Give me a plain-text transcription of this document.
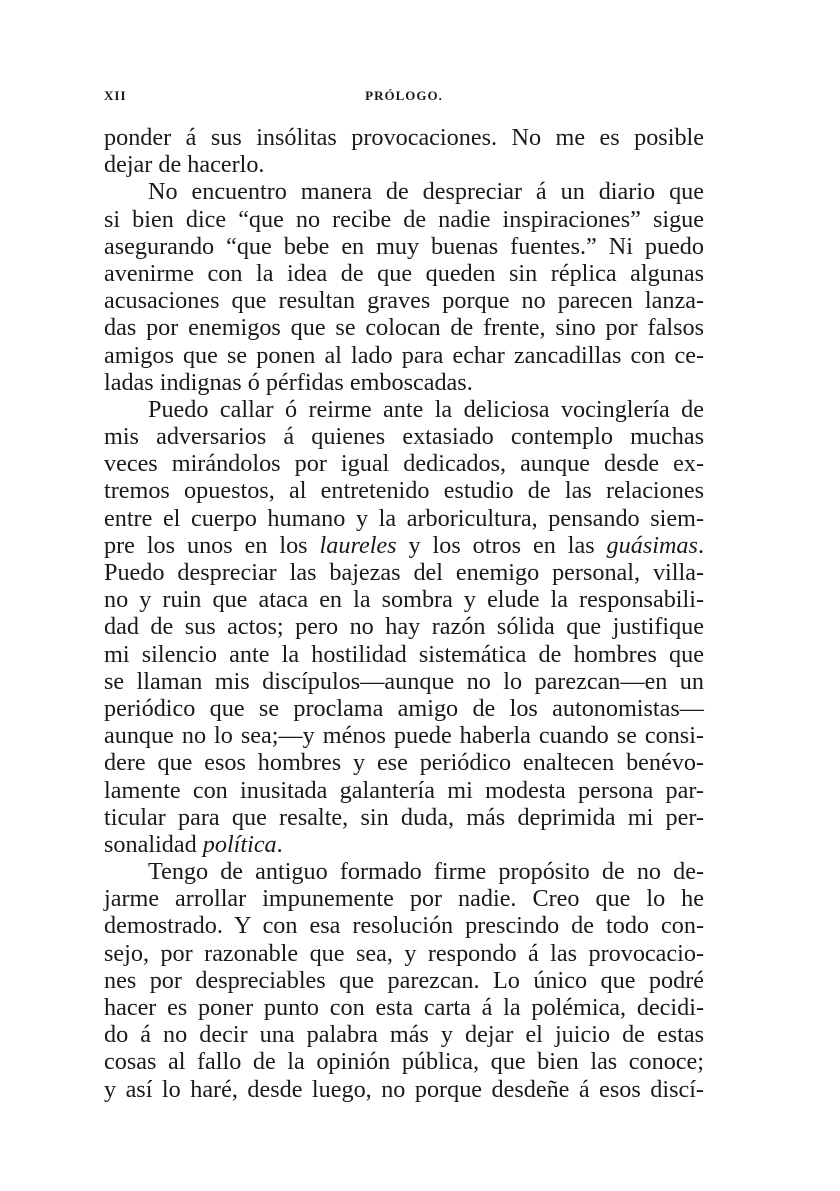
XII	PRÓLOGO.
ponder á sus insólitas provocaciones. No me es posible
dejar de hacerlo.
No encuentro manera de despreciar á un diario que
si bien dice “que no recibe de nadie inspiraciones” sigue
asegurando “que bebe en muy buenas fuentes.” Ni puedo
avenirme con la idea de que queden sin réplica algunas
acusaciones que resultan graves porque no parecen lanza-
das por enemigos que se colocan de frente, sino por falsos
amigos que se ponen al lado para echar zancadillas con ce-
ladas indignas ó pérfidas emboscadas.
Puedo callar ó reirme ante la deliciosa vocinglería de
mis adversarios á quienes extasiado contemplo muchas
veces mirándolos por igual dedicados, aunque desde ex-
tremos opuestos, al entretenido estudio de las relaciones
entre el cuerpo humano y la arboricultura, pensando siem-
pre los unos en los laureles y los otros en las guásimas.
Puedo despreciar las bajezas del enemigo personal, villa-
no y ruin que ataca en la sombra y elude la responsabili-
dad de sus actos; pero no hay razón sólida que justifique
mi silencio ante la hostilidad sistemática de hombres que
se llaman mis discípulos—aunque no lo parezcan—en un
periódico que se proclama amigo de los autonomistas—
aunque no lo sea;—y ménos puede haberla cuando se consi-
dere que esos hombres y ese periódico enaltecen benévo-
lamente con inusitada galantería mi modesta persona par-
ticular para que resalte, sin duda, más deprimida mi per-
sonalidad política.
Tengo de antiguo formado firme propósito de no de-
jarme arrollar impunemente por nadie. Creo que lo he
demostrado. Y con esa resolución prescindo de todo con-
sejo, por razonable que sea, y respondo á las provocacio-
nes por despreciables que parezcan. Lo único que podré
hacer es poner punto con esta carta á la polémica, decidi-
do á no decir una palabra más y dejar el juicio de estas
cosas al fallo de la opinión pública, que bien las conoce;
y así lo haré, desde luego, no porque desdeñe á esos discí-
